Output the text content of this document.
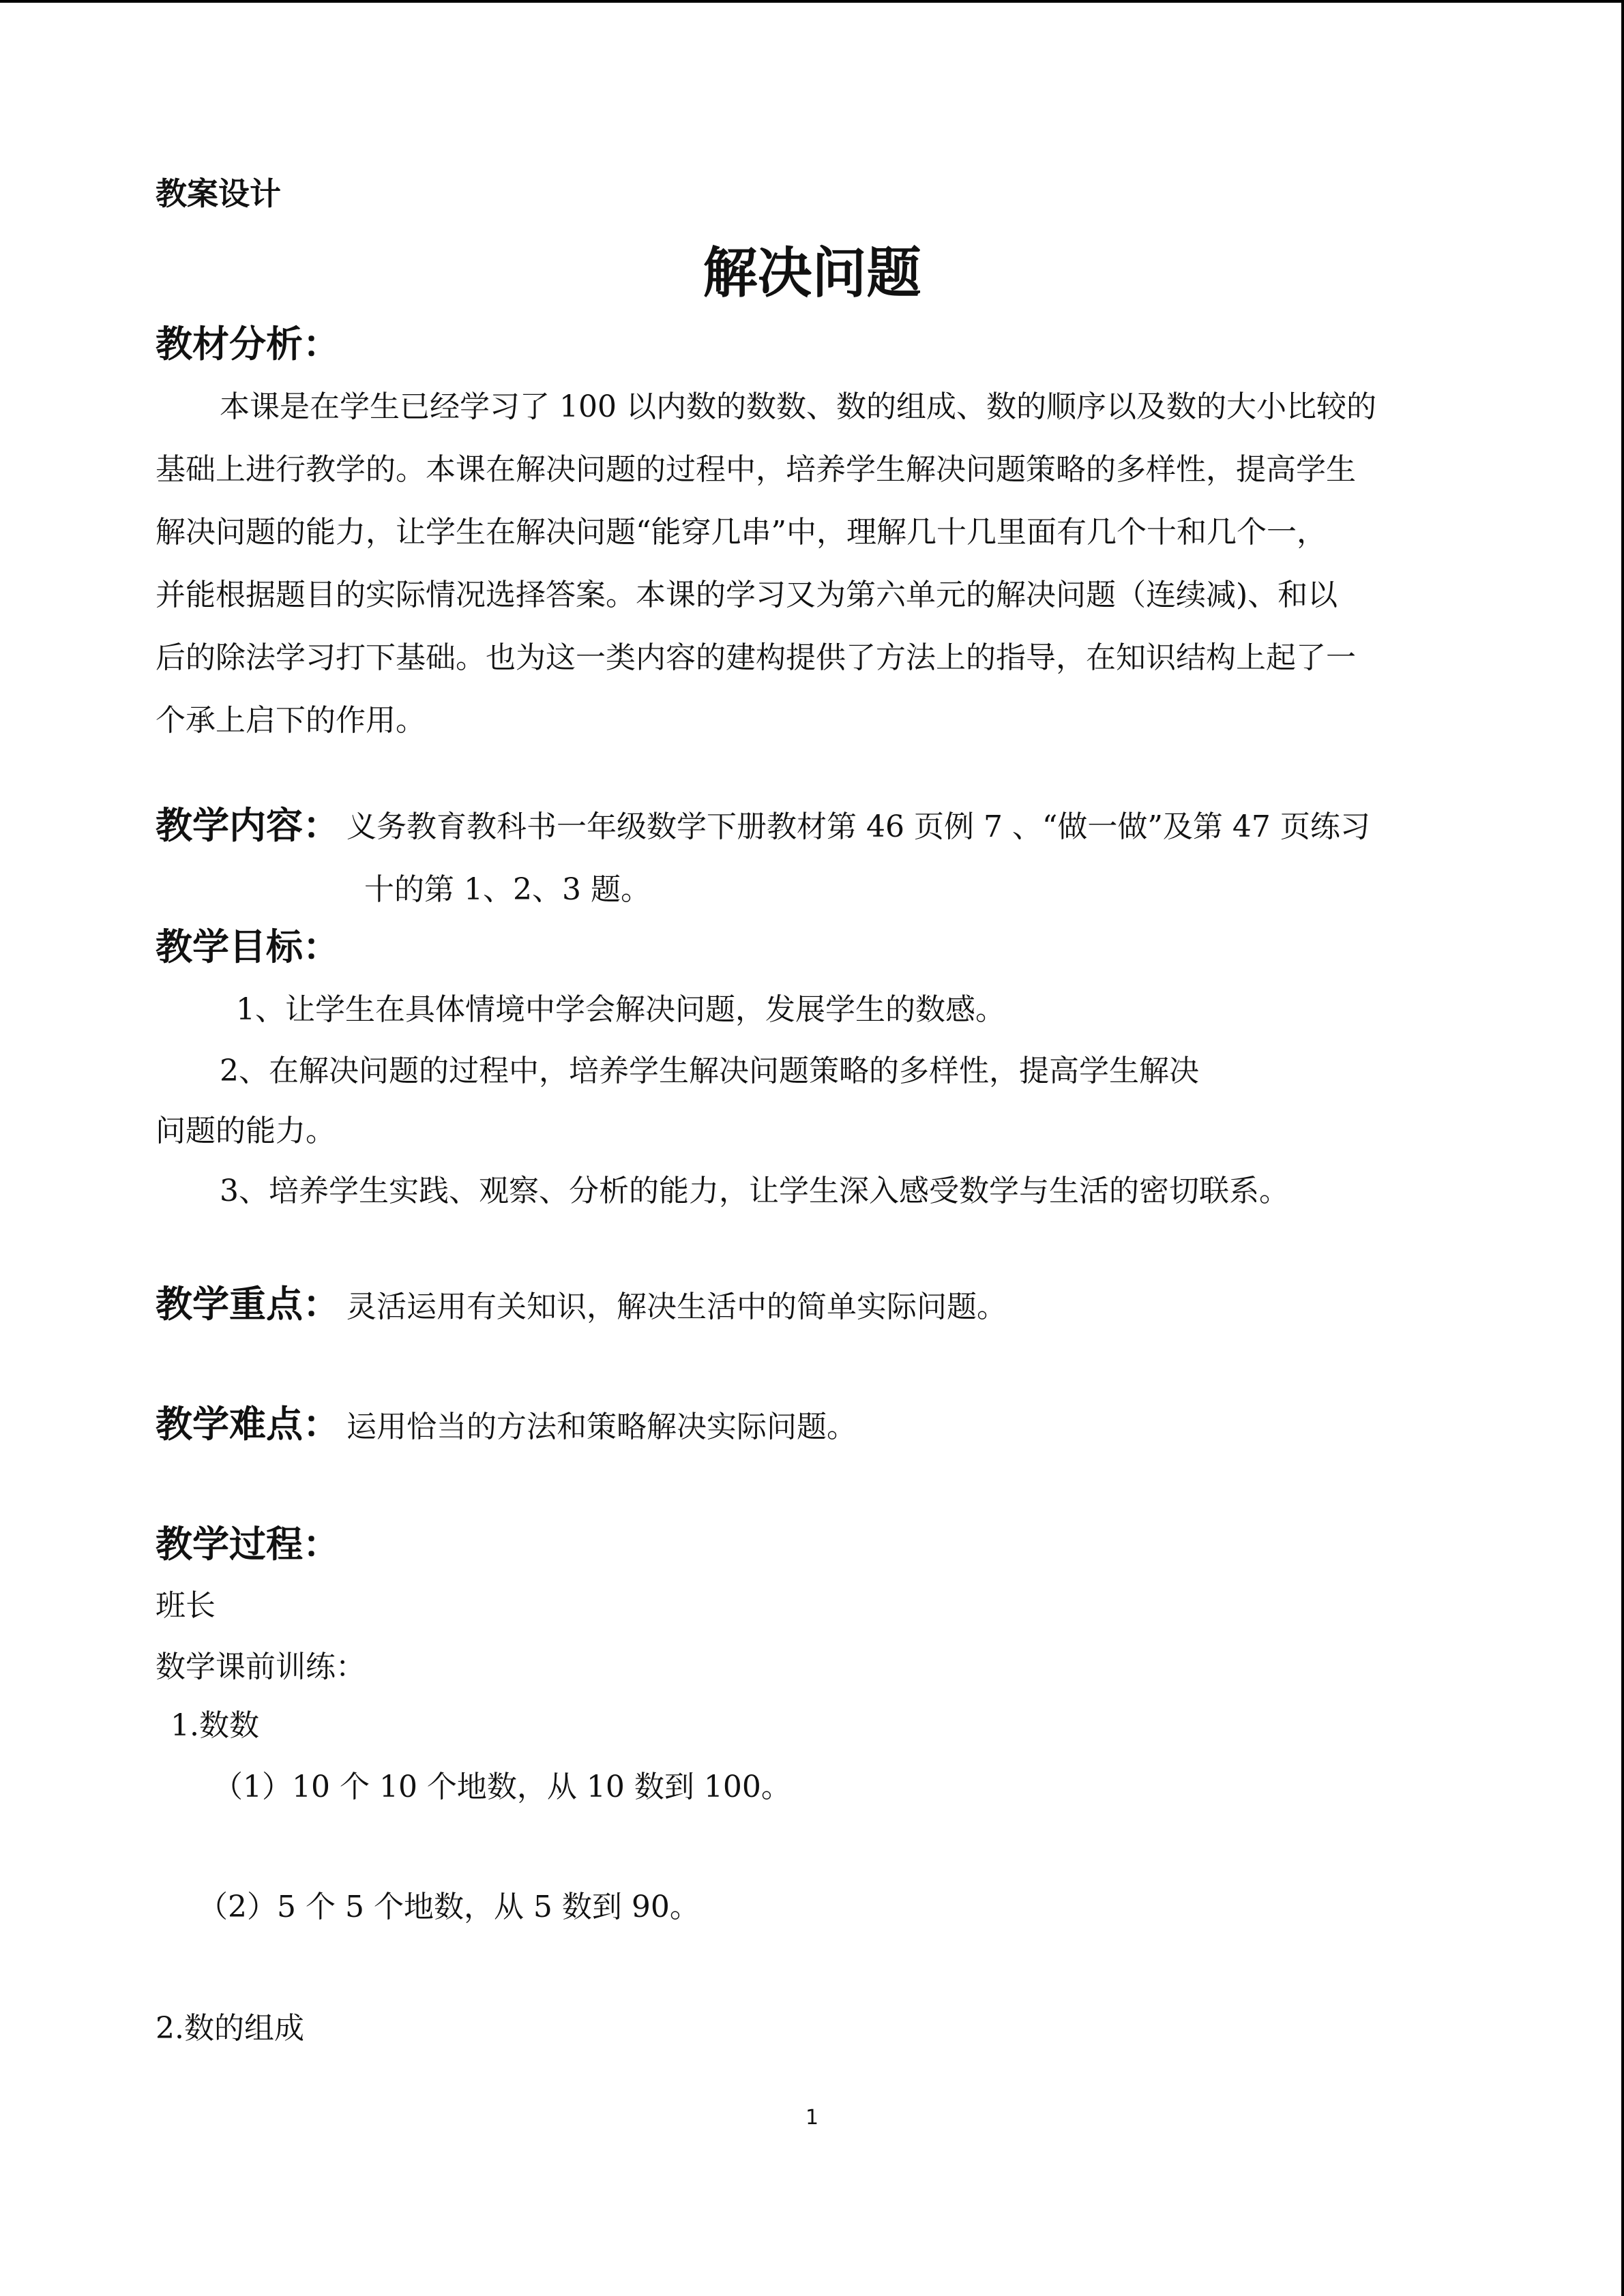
教案设计
解决问题
教材分析：
本课是在学生已经学习了 100 以内数的数数、数的组成、数的顺序以及数的大小比较的
基础上进行教学的。本课在解决问题的过程中，培养学生解决问题策略的多样性，提高学生
解决问题的能力，让学生在解决问题“能穿几串”中，理解几十几里面有几个十和几个一，
并能根据题目的实际情况选择答案。本课的学习又为第六单元的解决问题（连续减)、和以
后的除法学习打下基础。也为这一类内容的建构提供了方法上的指导，在知识结构上起了一
个承上启下的作用。
教学内容： 义务教育教科书一年级数学下册教材第 46 页例 7 、“做一做”及第 47 页练习
十的第 1、2、3 题。
教学目标：
1、让学生在具体情境中学会解决问题，发展学生的数感。
2、在解决问题的过程中，培养学生解决问题策略的多样性，提高学生解决
问题的能力。
3、培养学生实践、观察、分析的能力，让学生深入感受数学与生活的密切联系。
教学重点： 灵活运用有关知识，解决生活中的简单实际问题。
教学难点： 运用恰当的方法和策略解决实际问题。
教学过程：
班长
数学课前训练：
1.数数
（1）10 个 10 个地数，从 10 数到 100。
（2）5 个 5 个地数，从 5 数到 90。
2.数的组成
1
